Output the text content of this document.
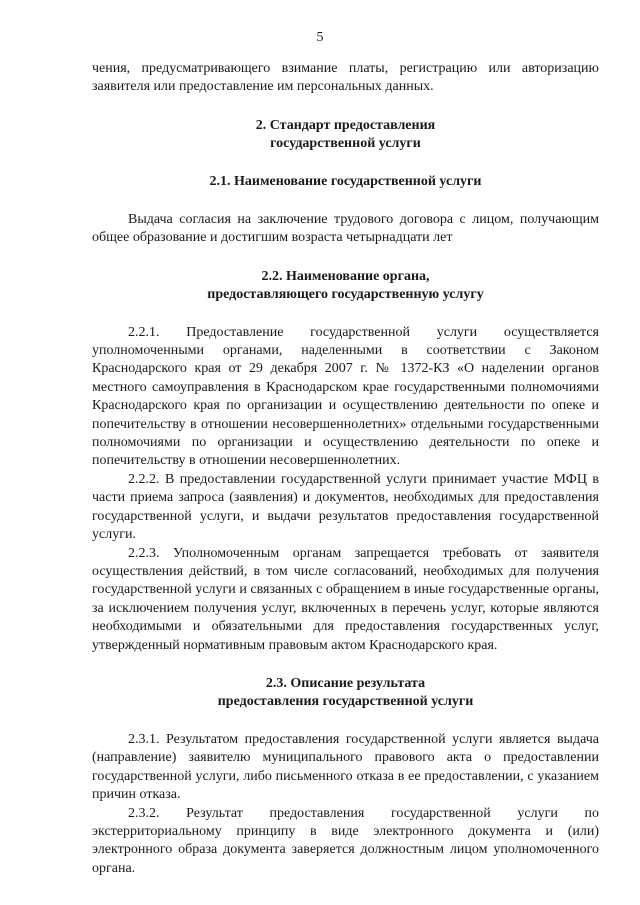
5

чения, предусматривающего взимание платы, регистрацию или авторизацию заявителя или предоставление им персональных данных.

2. Стандарт предоставления
государственной услуги
2.1. Наименование государственной услуги

Выдача согласия на заключение трудового договора с лицом, получающим общее образование и достигшим возраста четырнадцати лет

2.2. Наименование органа,
предоставляющего государственную услугу

2.2.1. Предоставление государственной услуги осуществляется уполномоченными органами, наделенными в соответствии с Законом Краснодарского края от 29 декабря 2007 г. № 1372-КЗ «О наделении органов местного самоуправления в Краснодарском крае государственными полномочиями Краснодарского края по организации и осуществлению деятельности по опеке и попечительству в отношении несовершеннолетних» отдельными государственными полномочиями по организации и осуществлению деятельности по опеке и попечительству в отношении несовершеннолетних.

2.2.2. В предоставлении государственной услуги принимает участие МФЦ в части приема запроса (заявления) и документов, необходимых для предоставления государственной услуги, и выдачи результатов предоставления государственной услуги.

2.2.3. Уполномоченным органам запрещается требовать от заявителя осуществления действий, в том числе согласований, необходимых для получения государственной услуги и связанных с обращением в иные государственные органы, за исключением получения услуг, включенных в перечень услуг, которые являются необходимыми и обязательными для предоставления государственных услуг, утвержденный нормативным правовым актом Краснодарского края.

2.3. Описание результата
предоставления государственной услуги

2.3.1. Результатом предоставления государственной услуги является выдача (направление) заявителю муниципального правового акта о предоставлении государственной услуги, либо письменного отказа в ее предоставлении, с указанием причин отказа.

2.3.2. Результат предоставления государственной услуги по экстерриториальному принципу в виде электронного документа и (или) электронного образа документа заверяется должностным лицом уполномоченного органа.
